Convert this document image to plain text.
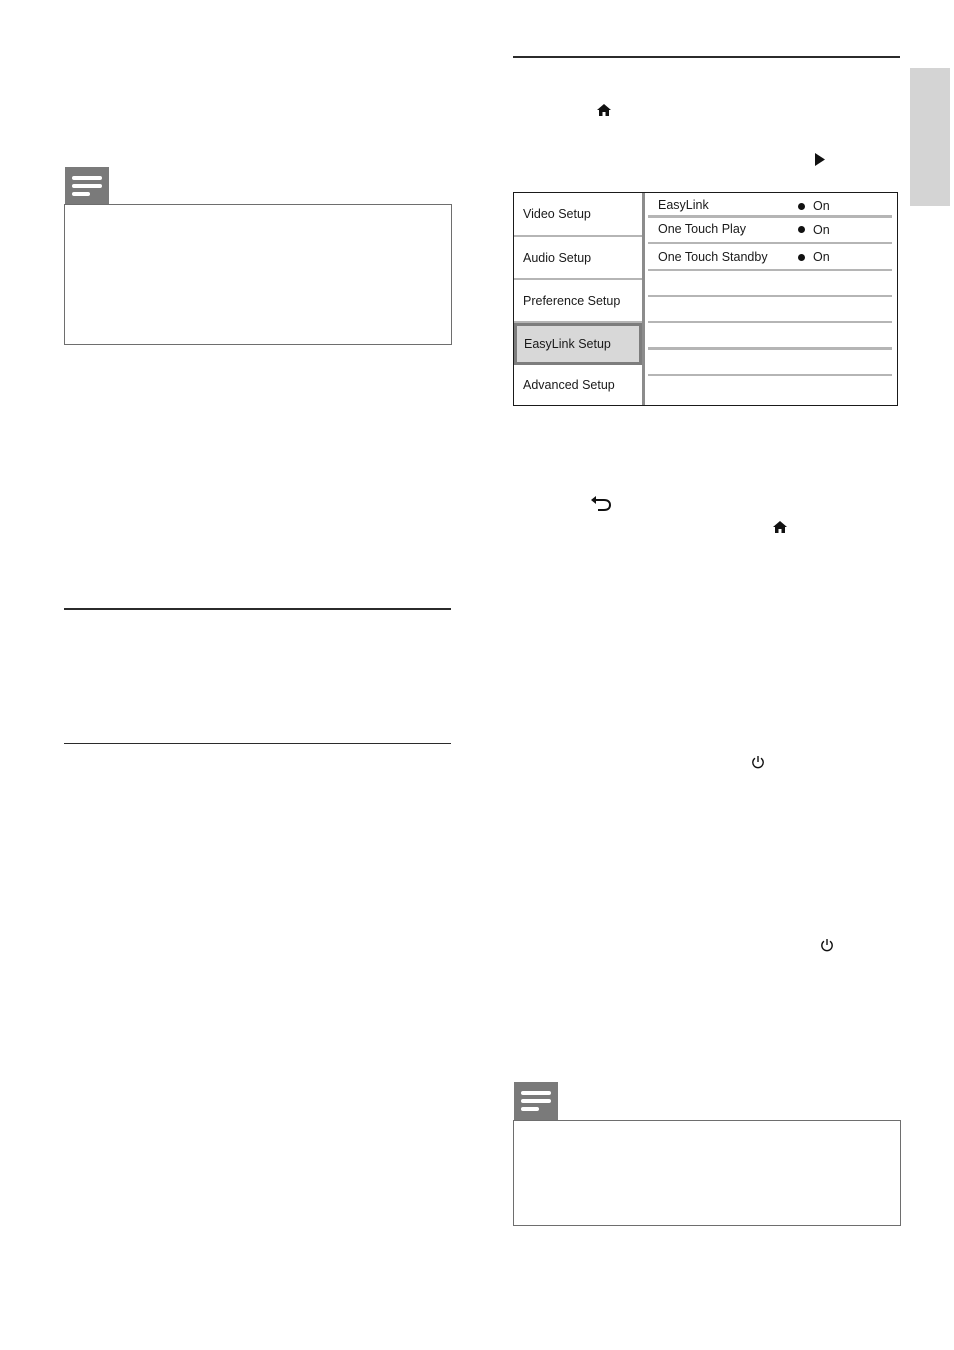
Video Setup
Audio Setup
Preference Setup
EasyLink Setup
Advanced Setup
EasyLink	On
One Touch Play	On
One Touch Standby	On
